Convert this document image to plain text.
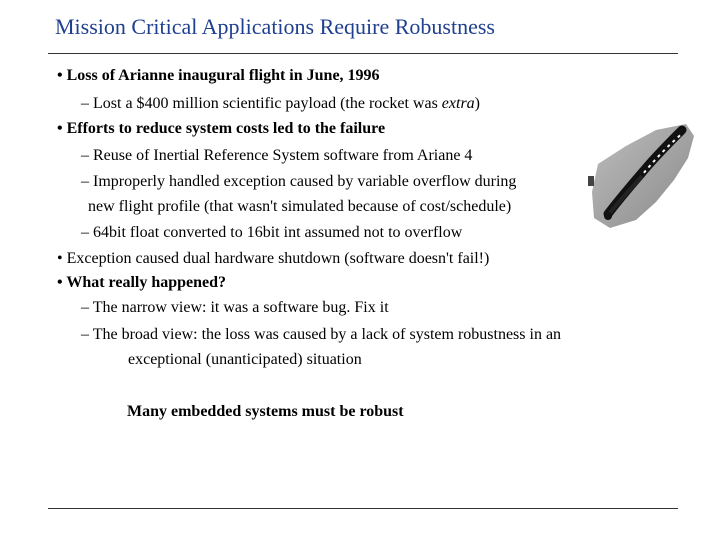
Mission Critical Applications Require Robustness
• Loss of Arianne inaugural flight in June, 1996
– Lost a $400 million scientific payload (the rocket was extra)
• Efforts to reduce system costs led to the failure
– Reuse of Inertial Reference System software from Ariane 4
– Improperly handled exception caused by variable overflow during
new flight profile (that wasn't simulated because of cost/schedule)
– 64bit float converted to 16bit int assumed not to overflow
• Exception caused dual hardware shutdown (software doesn't fail!)
• What really happened?
– The narrow view: it was a software bug. Fix it
– The broad view: the loss was caused by a lack of system robustness in an
exceptional (unanticipated) situation
Many embedded systems must be robust
